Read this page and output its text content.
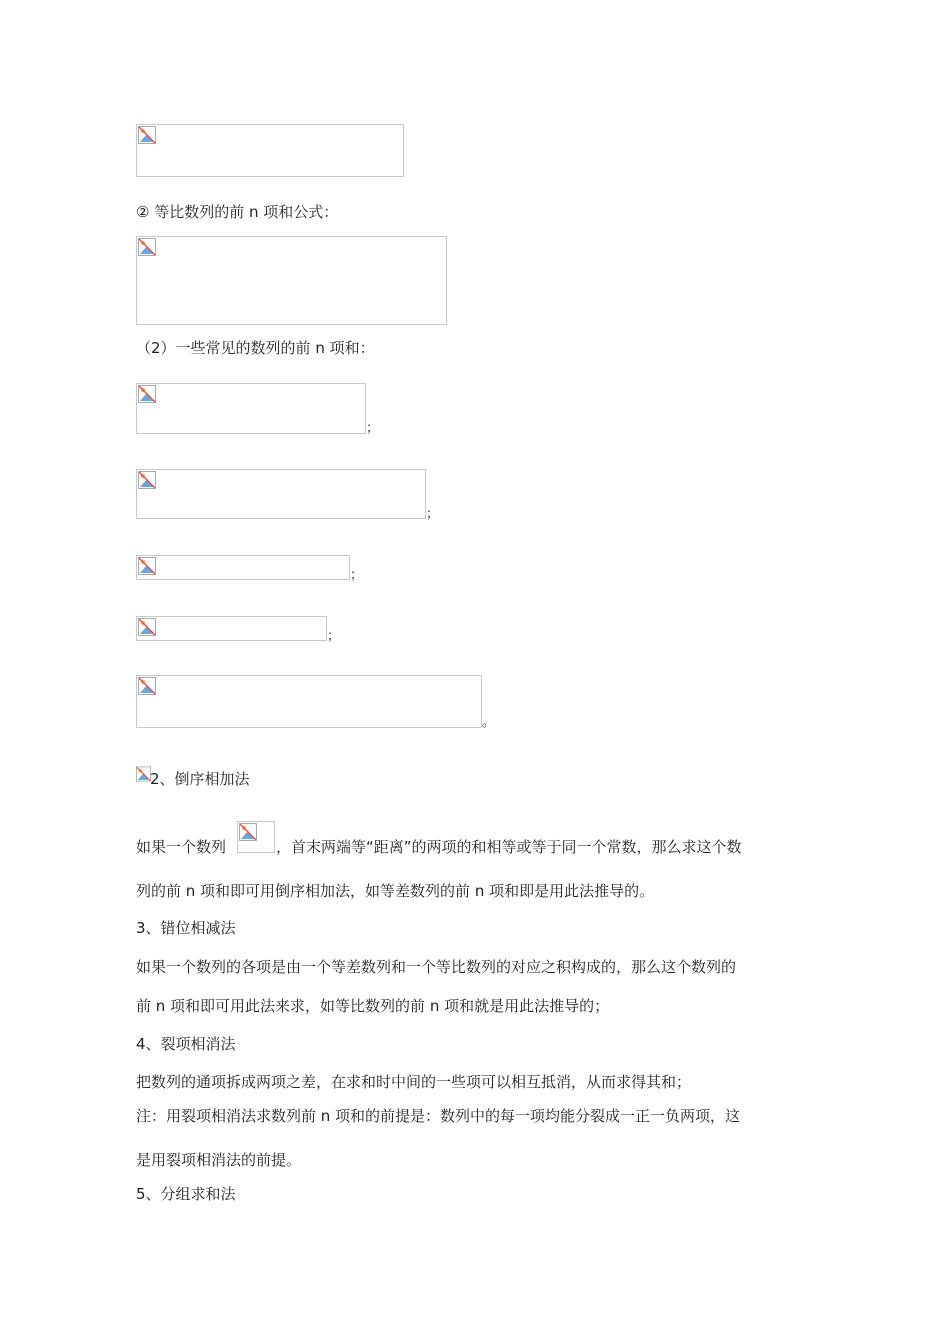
② 等比数列的前 n 项和公式：
（2）一些常见的数列的前 n 项和：
；
；
；
；
。
2、倒序相加法
如果一个数列	，首末两端等“距离”的两项的和相等或等于同一个常数，那么求这个数
列的前 n 项和即可用倒序相加法，如等差数列的前 n 项和即是用此法推导的。
3、错位相减法
如果一个数列的各项是由一个等差数列和一个等比数列的对应之积构成的，那么这个数列的
前 n 项和即可用此法来求，如等比数列的前 n 项和就是用此法推导的；
4、裂项相消法
把数列的通项拆成两项之差，在求和时中间的一些项可以相互抵消，从而求得其和；
注：用裂项相消法求数列前 n 项和的前提是：数列中的每一项均能分裂成一正一负两项，这
是用裂项相消法的前提。
5、分组求和法
